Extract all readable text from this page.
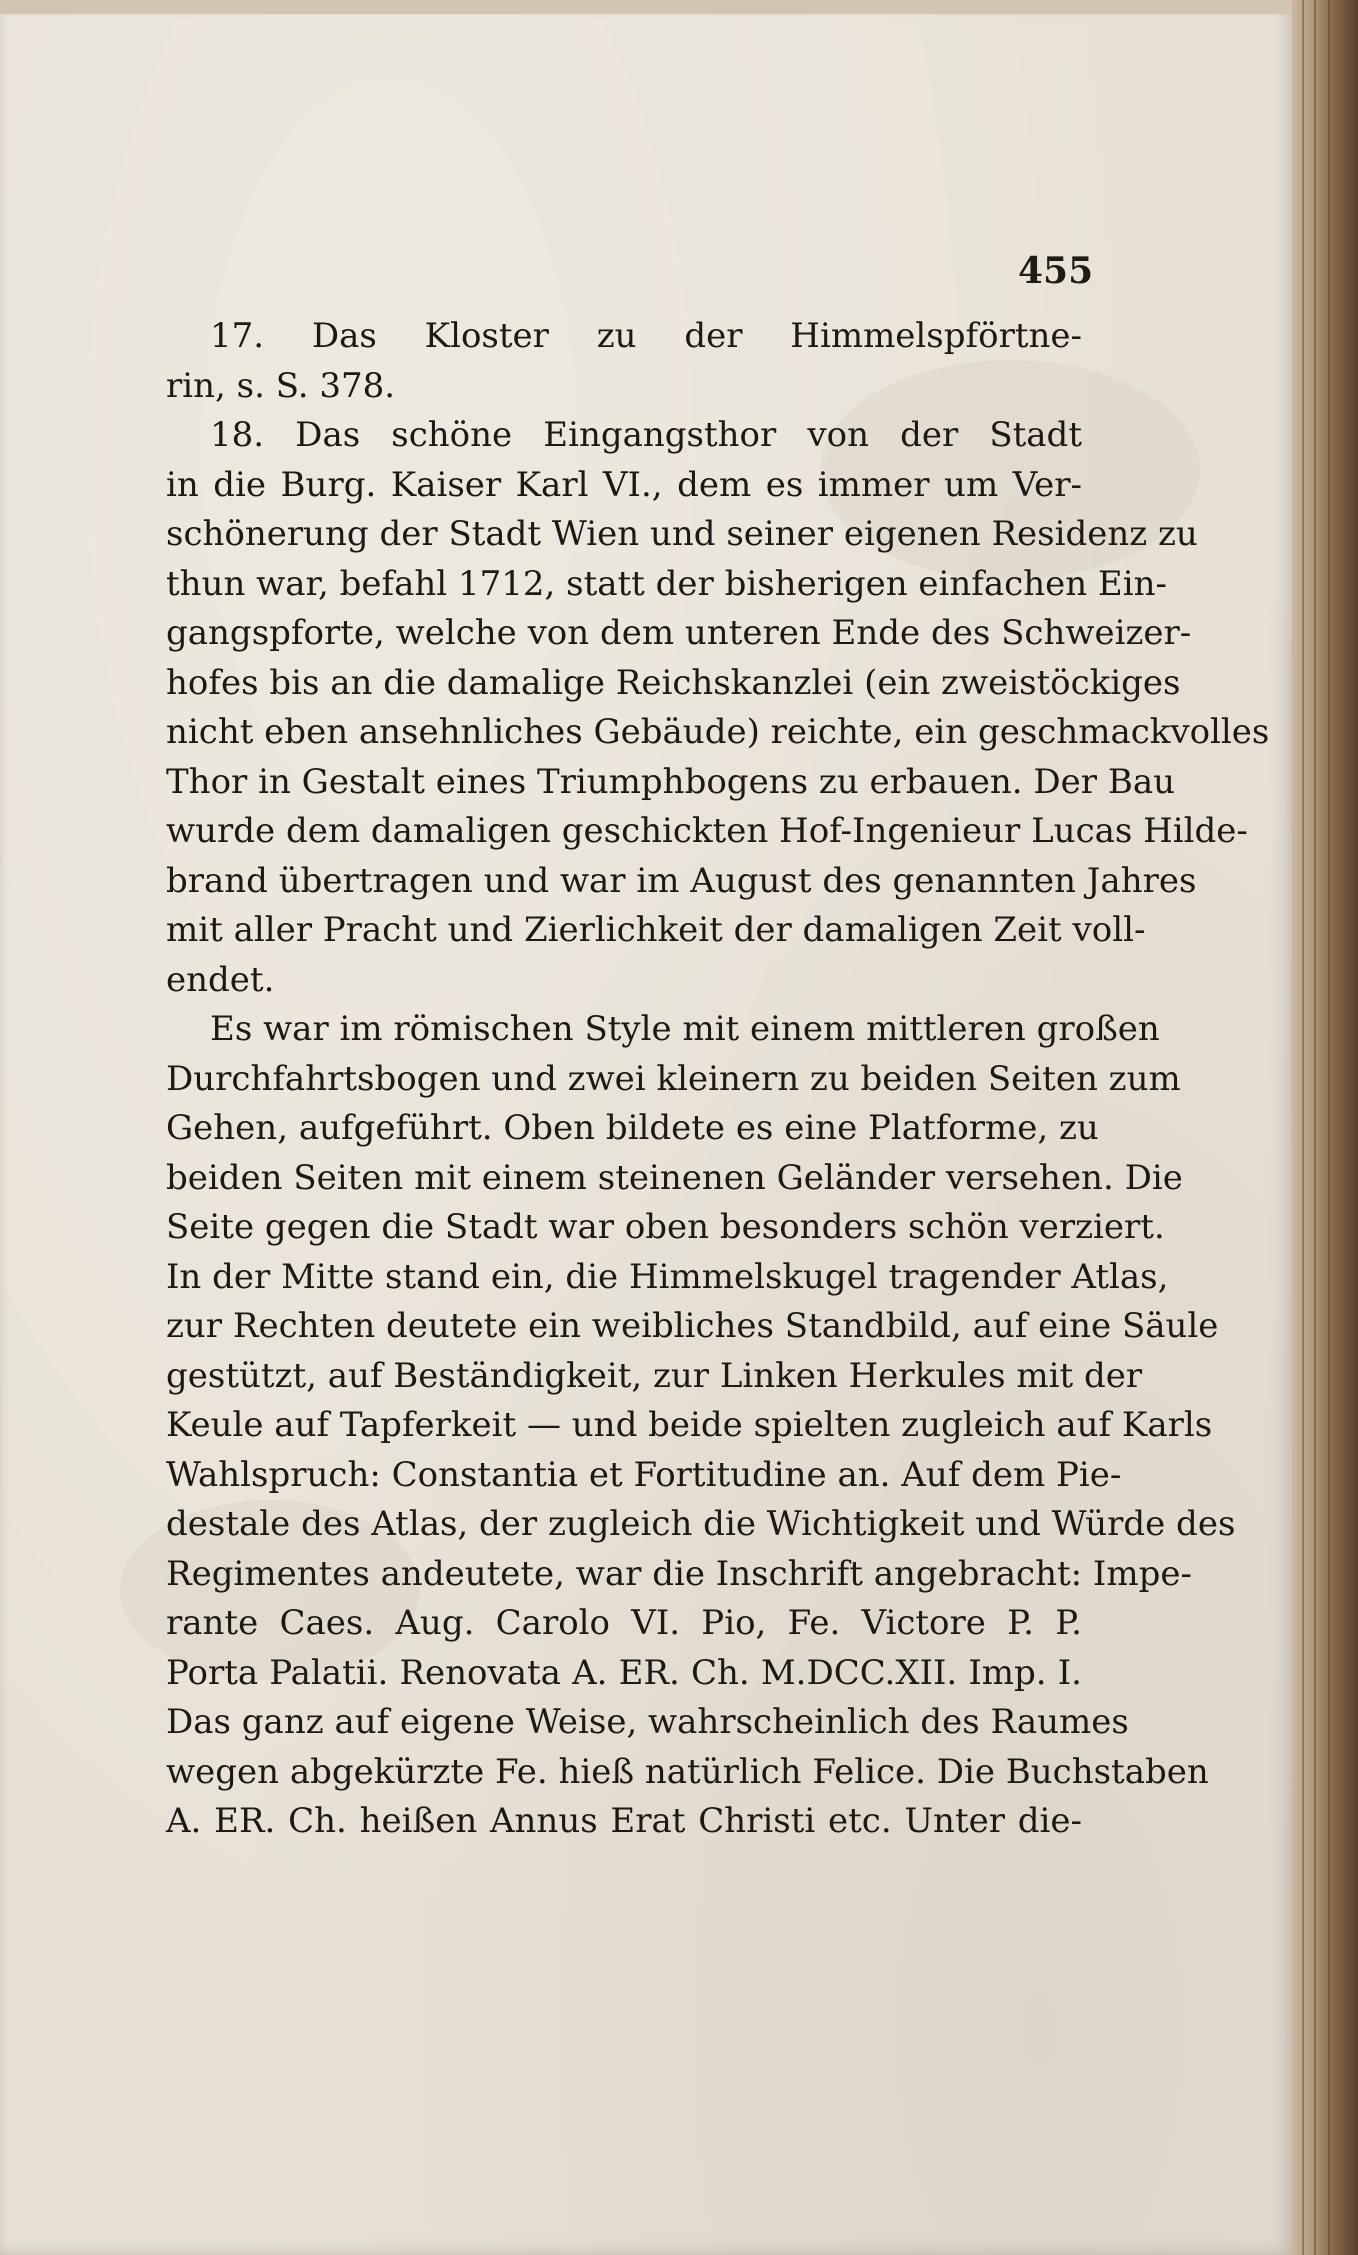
455
17. Das Kloster zu der Himmelspförtne-
rin, s. S. 378.
18. Das schöne Eingangsthor von der Stadt
in die Burg. Kaiser Karl VI., dem es immer um Ver-
schönerung der Stadt Wien und seiner eigenen Residenz zu
thun war, befahl 1712, statt der bisherigen einfachen Ein-
gangspforte, welche von dem unteren Ende des Schweizer-
hofes bis an die damalige Reichskanzlei (ein zweistöckiges
nicht eben ansehnliches Gebäude) reichte, ein geschmackvolles
Thor in Gestalt eines Triumphbogens zu erbauen. Der Bau
wurde dem damaligen geschickten Hof-Ingenieur Lucas Hilde-
brand übertragen und war im August des genannten Jahres
mit aller Pracht und Zierlichkeit der damaligen Zeit voll-
endet.
Es war im römischen Style mit einem mittleren großen
Durchfahrtsbogen und zwei kleinern zu beiden Seiten zum
Gehen, aufgeführt. Oben bildete es eine Platforme, zu
beiden Seiten mit einem steinenen Geländer versehen. Die
Seite gegen die Stadt war oben besonders schön verziert.
In der Mitte stand ein, die Himmelskugel tragender Atlas,
zur Rechten deutete ein weibliches Standbild, auf eine Säule
gestützt, auf Beständigkeit, zur Linken Herkules mit der
Keule auf Tapferkeit — und beide spielten zugleich auf Karls
Wahlspruch: Constantia et Fortitudine an. Auf dem Pie-
destale des Atlas, der zugleich die Wichtigkeit und Würde des
Regimentes andeutete, war die Inschrift angebracht: Impe-
rante Caes. Aug. Carolo VI. Pio, Fe. Victore P. P.
Porta Palatii. Renovata A. ER. Ch. M.DCC.XII. Imp. I.
Das ganz auf eigene Weise, wahrscheinlich des Raumes
wegen abgekürzte Fe. hieß natürlich Felice. Die Buchstaben
A. ER. Ch. heißen Annus Erat Christi etc. Unter die-
